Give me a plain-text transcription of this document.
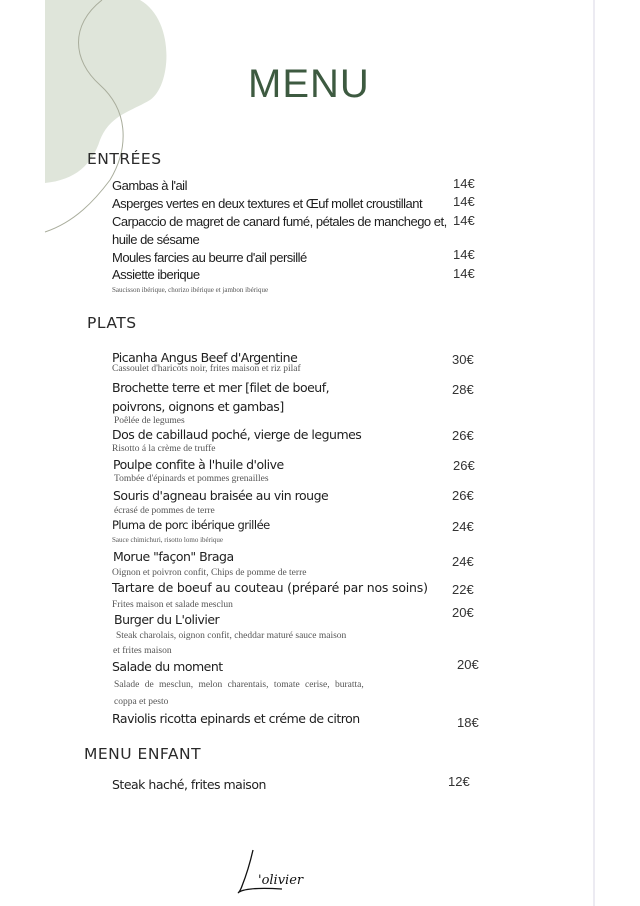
MENU
ENTRÉES
Gambas à l'ail	14€
Asperges vertes en deux textures et Œuf mollet croustillant 14€
Carpaccio de magret de canard fumé, pétales de manchego et,
huile de sésame
14€
Moules farcies au beurre d'ail persillé	14€
Assiette iberique	14€
Saucisson ibérique, chorizo ibérique et jambon ibérique
PLATS
Picanha Angus Beef d'Argentine
Cassoulet d'haricots noir, frites maison et riz pilaf
30€
Brochette terre et mer [filet de boeuf,
poivrons, oignons et gambas]
Poêlée de legumes
28€
Dos de cabillaud poché, vierge de legumes
Risotto á la crème de truffe
26€
Poulpe confite à l'huile d'olive
Tombée d'épinards et pommes grenailles
26€
Souris d'agneau braisée au vin rouge
écrasé de pommes de terre
26€
Pluma de porc ibérique grillée
Sauce chimichuri, risotto lomo ibérique
24€
Morue "façon" Braga
Oignon et poivron confit, Chips de pomme de terre
24€
Tartare de boeuf au couteau (préparé par nos soins)
Frites maison et salade mesclun
22€
Burger du L'olivier
Steak charolais, oignon confit, cheddar maturé sauce maison
et frites maison
20€
Salade du moment
Salade de mesclun, melon charentais, tomate cerise, buratta,
coppa et pesto
20€
Raviolis ricotta epinards et créme de citron	18€
MENU ENFANT
Steak haché, frites maison	12€
'olivier
